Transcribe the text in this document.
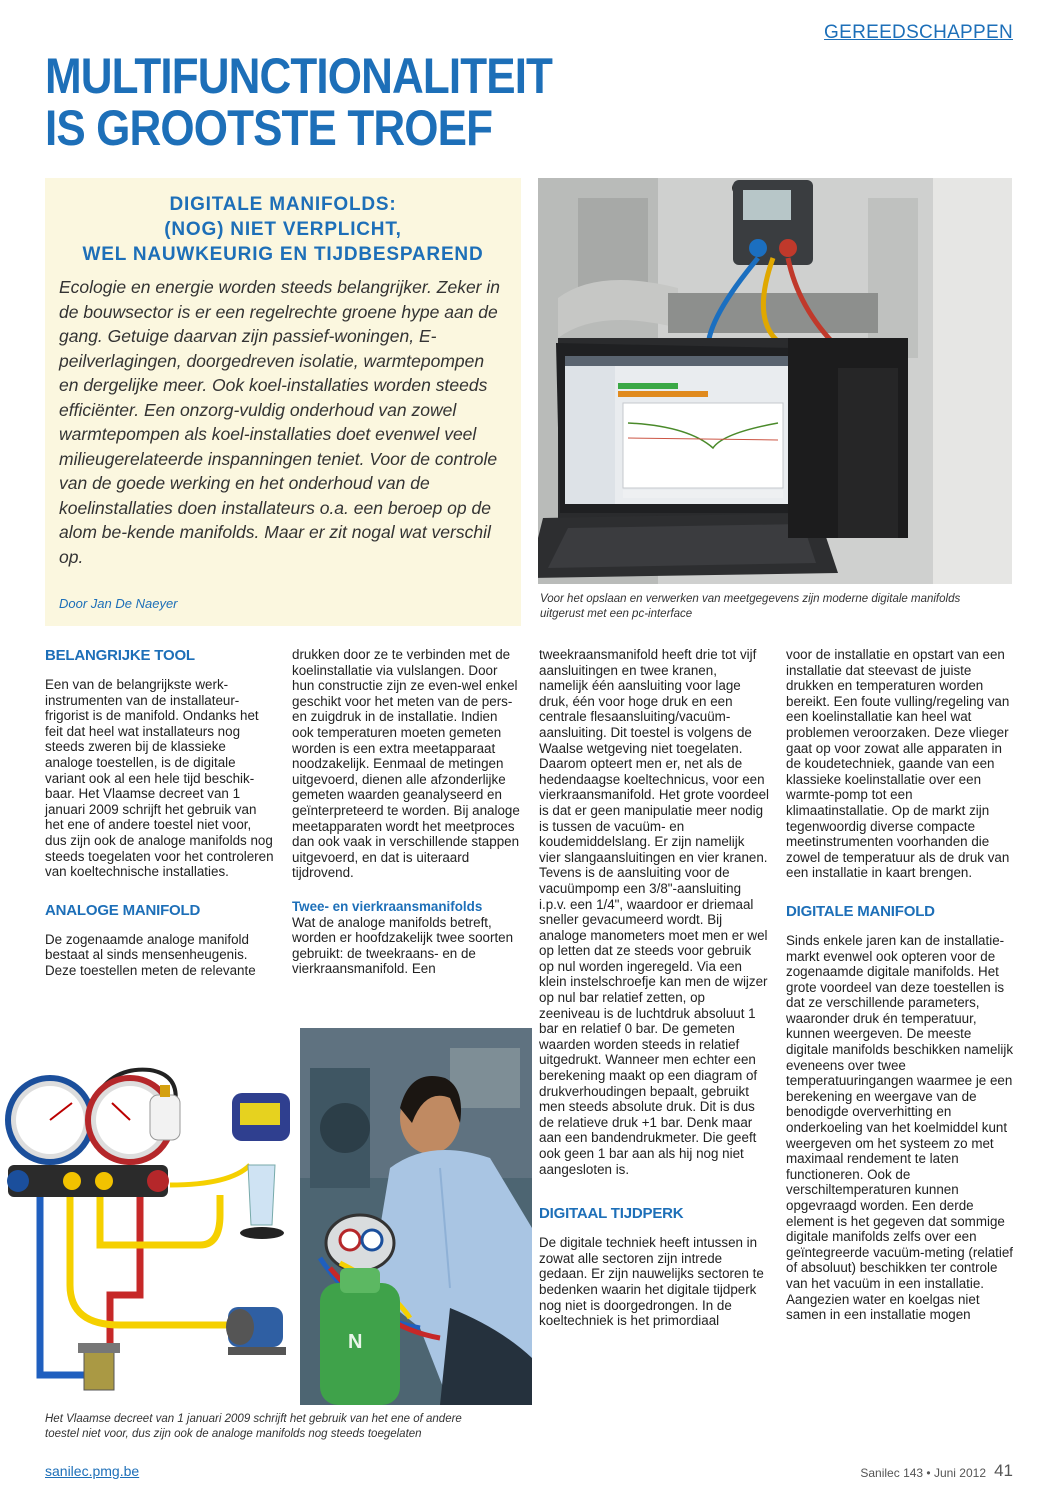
GEREEDSCHAPPEN
MULTIFUNCTIONALITEIT
IS GROOTSTE TROEF
DIGITALE MANIFOLDS:
(NOG) NIET VERPLICHT,
WEL NAUWKEURIG EN TIJDBESPAREND
Ecologie en energie worden steeds belangrijker. Zeker in de bouwsector is er een regelrechte groene hype aan de gang. Getuige daarvan zijn passief-woningen, E-peilverlagingen, doorgedreven isolatie, warmtepompen en dergelijke meer. Ook koel-installaties worden steeds efficiënter. Een onzorg-vuldig onderhoud van zowel warmtepompen als koel-installaties doet evenwel veel milieugerelateerde inspanningen teniet. Voor de controle van de goede werking en het onderhoud van de koelinstallaties doen installateurs o.a. een beroep op de alom be-kende manifolds. Maar er zit nogal wat verschil op.
Door Jan De Naeyer	Voor het opslaan en verwerken van meetgegevens zijn moderne digitale manifolds uitgerust met een pc-interface
BELANGRIJKE TOOL

Een van de belangrijkste werk-instrumenten van de installateur-frigorist is de manifold. Ondanks het feit dat heel wat installateurs nog steeds zweren bij de klassieke analoge toestellen, is de digitale variant ook al een hele tijd beschik-baar. Het Vlaamse decreet van 1 januari 2009 schrijft het gebruik van het ene of andere toestel niet voor, dus zijn ook de analoge manifolds nog steeds toegelaten voor het controleren van koeltechnische installaties.

ANALOGE MANIFOLD

De zogenaamde analoge manifold bestaat al sinds mensenheugenis. Deze toestellen meten de relevante

drukken door ze te verbinden met de koelinstallatie via vulslangen. Door hun constructie zijn ze even-wel enkel geschikt voor het meten van de pers- en zuigdruk in de installatie. Indien ook temperaturen moeten gemeten worden is een extra meetapparaat noodzakelijk. Eenmaal de metingen uitgevoerd, dienen alle afzonderlijke gemeten waarden geanalyseerd en geïnterpreteerd te worden. Bij analoge meetapparaten wordt het meetproces dan ook vaak in verschillende stappen uitgevoerd, en dat is uiteraard tijdrovend.

Twee- en vierkraansmanifolds

Wat de analoge manifolds betreft, worden er hoofdzakelijk twee soorten gebruikt: de tweekraans- en de vierkraansmanifold. Een

tweekraansmanifold heeft drie tot vijf aansluitingen en twee kranen, namelijk één aansluiting voor lage druk, één voor hoge druk en een centrale flesaansluiting/vacuüm-aansluiting. Dit toestel is volgens de Waalse wetgeving niet toegelaten. Daarom opteert men er, net als de hedendaagse koeltechnicus, voor een vierkraansmanifold. Het grote voordeel is dat er geen manipulatie meer nodig is tussen de vacuüm- en koudemiddelslang. Er zijn namelijk vier slangaansluitingen en vier kranen. Tevens is de aansluiting voor de vacuümpomp een 3/8"-aansluiting i.p.v. een 1/4", waardoor er driemaal sneller gevacumeerd wordt. Bij analoge manometers moet men er wel op letten dat ze steeds voor gebruik op nul worden ingeregeld. Via een klein instelschroefje kan men de wijzer op nul bar relatief zetten, op zeeniveau is de luchtdruk absoluut 1 bar en relatief 0 bar. De gemeten waarden worden steeds in relatief uitgedrukt. Wanneer men echter een berekening maakt op een diagram of drukverhoudingen bepaalt, gebruikt men steeds absolute druk. Dit is dus de relatieve druk +1 bar. Denk maar aan een bandendrukmeter. Die geeft ook geen 1 bar aan als hij nog niet aangesloten is.

DIGITAAL TIJDPERK

De digitale techniek heeft intussen in zowat alle sectoren zijn intrede gedaan. Er zijn nauwelijks sectoren te bedenken waarin het digitale tijdperk nog niet is doorgedrongen. In de koeltechniek is het primordiaal

voor de installatie en opstart van een installatie dat steevast de juiste drukken en temperaturen worden bereikt. Een foute vulling/regeling van een koelinstallatie kan heel wat problemen veroorzaken. Deze vlieger gaat op voor zowat alle apparaten in de koudetechniek, gaande van een klassieke koelinstallatie over een warmte-pomp tot een klimaatinstallatie. Op de markt zijn tegenwoordig diverse compacte meetinstrumenten voorhanden die zowel de temperatuur als de druk van een installatie in kaart brengen.

DIGITALE MANIFOLD

Sinds enkele jaren kan de installatie-markt evenwel ook opteren voor de zogenaamde digitale manifolds. Het grote voordeel van deze toestellen is dat ze verschillende parameters, waaronder druk én temperatuur, kunnen weergeven. De meeste digitale manifolds beschikken namelijk eveneens over twee temperatuuringangen waarmee je een berekening en weergave van de benodigde oververhitting en onderkoeling van het koelmiddel kunt weergeven om het systeem zo met maximaal rendement te laten functioneren. Ook de verschiltemperaturen kunnen opgevraagd worden. Een derde element is het gegeven dat sommige digitale manifolds zelfs over een geïntegreerde vacuüm-meting (relatief of absoluut) beschikken ter controle van het vacuüm in een installatie. Aangezien water en koelgas niet samen in een installatie mogen

N
Het Vlaamse decreet van 1 januari 2009 schrijft het gebruik van het ene of andere toestel niet voor, dus zijn ook de analoge manifolds nog steeds toegelaten
sanilec.pmg.be	Sanilec 143 • Juni 2012 41
